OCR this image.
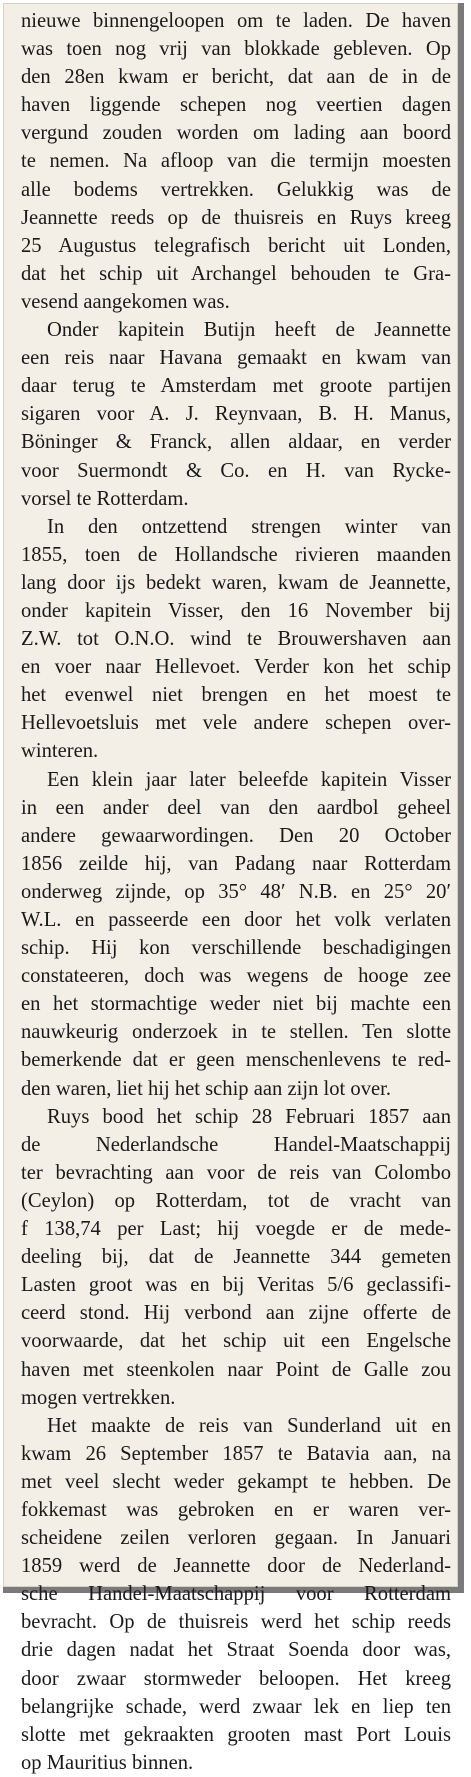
nieuwe binnengeloopen om te laden. De haven
was toen nog vrij van blokkade gebleven. Op
den 28en kwam er bericht, dat aan de in de
haven liggende schepen nog veertien dagen
vergund zouden worden om lading aan boord
te nemen. Na afloop van die termijn moesten
alle bodems vertrekken. Gelukkig was de
Jeannette reeds op de thuisreis en Ruys kreeg
25 Augustus telegrafisch bericht uit Londen,
dat het schip uit Archangel behouden te Gra-
vesend aangekomen was.
Onder kapitein Butijn heeft de Jeannette
een reis naar Havana gemaakt en kwam van
daar terug te Amsterdam met groote partijen
sigaren voor A. J. Reynvaan, B. H. Manus,
Böninger & Franck, allen aldaar, en verder
voor Suermondt & Co. en H. van Rycke-
vorsel te Rotterdam.
In den ontzettend strengen winter van
1855, toen de Hollandsche rivieren maanden
lang door ijs bedekt waren, kwam de Jeannette,
onder kapitein Visser, den 16 November bij
Z.W. tot O.N.O. wind te Brouwershaven aan
en voer naar Hellevoet. Verder kon het schip
het evenwel niet brengen en het moest te
Hellevoetsluis met vele andere schepen over-
winteren.
Een klein jaar later beleefde kapitein Visser
in een ander deel van den aardbol geheel
andere gewaarwordingen. Den 20 October
1856 zeilde hij, van Padang naar Rotterdam
onderweg zijnde, op 35° 48′ N.B. en 25° 20′
W.L. en passeerde een door het volk verlaten
schip. Hij kon verschillende beschadigingen
constateeren, doch was wegens de hooge zee
en het stormachtige weder niet bij machte een
nauwkeurig onderzoek in te stellen. Ten slotte
bemerkende dat er geen menschenlevens te red-
den waren, liet hij het schip aan zijn lot over.
Ruys bood het schip 28 Februari 1857 aan
de Nederlandsche Handel-Maatschappij
ter bevrachting aan voor de reis van Colombo
(Ceylon) op Rotterdam, tot de vracht van
f 138,74 per Last; hij voegde er de mede-
deeling bij, dat de Jeannette 344 gemeten
Lasten groot was en bij Veritas 5/6 geclassifi-
ceerd stond. Hij verbond aan zijne offerte de
voorwaarde, dat het schip uit een Engelsche
haven met steenkolen naar Point de Galle zou
mogen vertrekken.
Het maakte de reis van Sunderland uit en
kwam 26 September 1857 te Batavia aan, na
met veel slecht weder gekampt te hebben. De
fokkemast was gebroken en er waren ver-
scheidene zeilen verloren gegaan. In Januari
1859 werd de Jeannette door de Nederland-
sche Handel-Maatschappij voor Rotterdam
bevracht. Op de thuisreis werd het schip reeds
drie dagen nadat het Straat Soenda door was,
door zwaar stormweder beloopen. Het kreeg
belangrijke schade, werd zwaar lek en liep ten
slotte met gekraakten grooten mast Port Louis
op Mauritius binnen.
